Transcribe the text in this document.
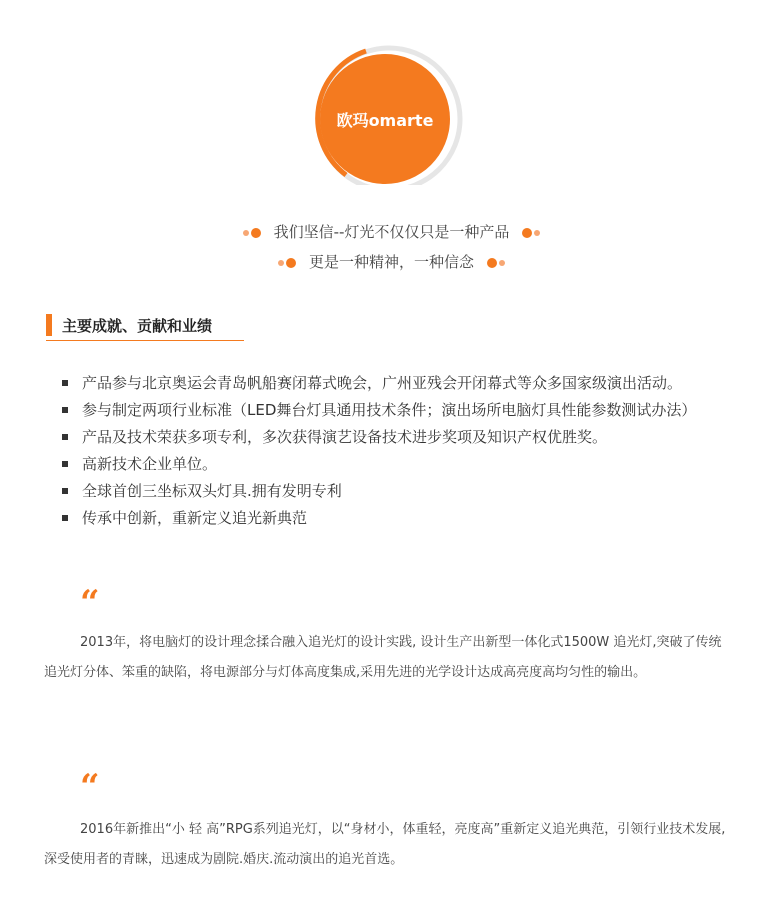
欧玛omarte
我们坚信--灯光不仅仅只是一种产品
更是一种精神，一种信念
主要成就、贡献和业绩
产品参与北京奥运会青岛帆船赛闭幕式晚会，广州亚残会开闭幕式等众多国家级演出活动。
参与制定两项行业标准（LED舞台灯具通用技术条件；演出场所电脑灯具性能参数测试办法）
产品及技术荣获多项专利，多次获得演艺设备技术进步奖项及知识产权优胜奖。
高新技术企业单位。
全球首创三坐标双头灯具.拥有发明专利
传承中创新，重新定义追光新典范
“
2013年，将电脑灯的设计理念揉合融入追光灯的设计实践, 设计生产出新型一体化式1500W 追光灯,突破了传统追光灯分体、笨重的缺陷，将电源部分与灯体高度集成,采用先进的光学设计达成高亮度高均匀性的输出。
“
2016年新推出“小 轻 高”RPG系列追光灯，以“身材小，体重轻，亮度高”重新定义追光典范，引领行业技术发展,深受使用者的青睐，迅速成为剧院.婚庆.流动演出的追光首选。
